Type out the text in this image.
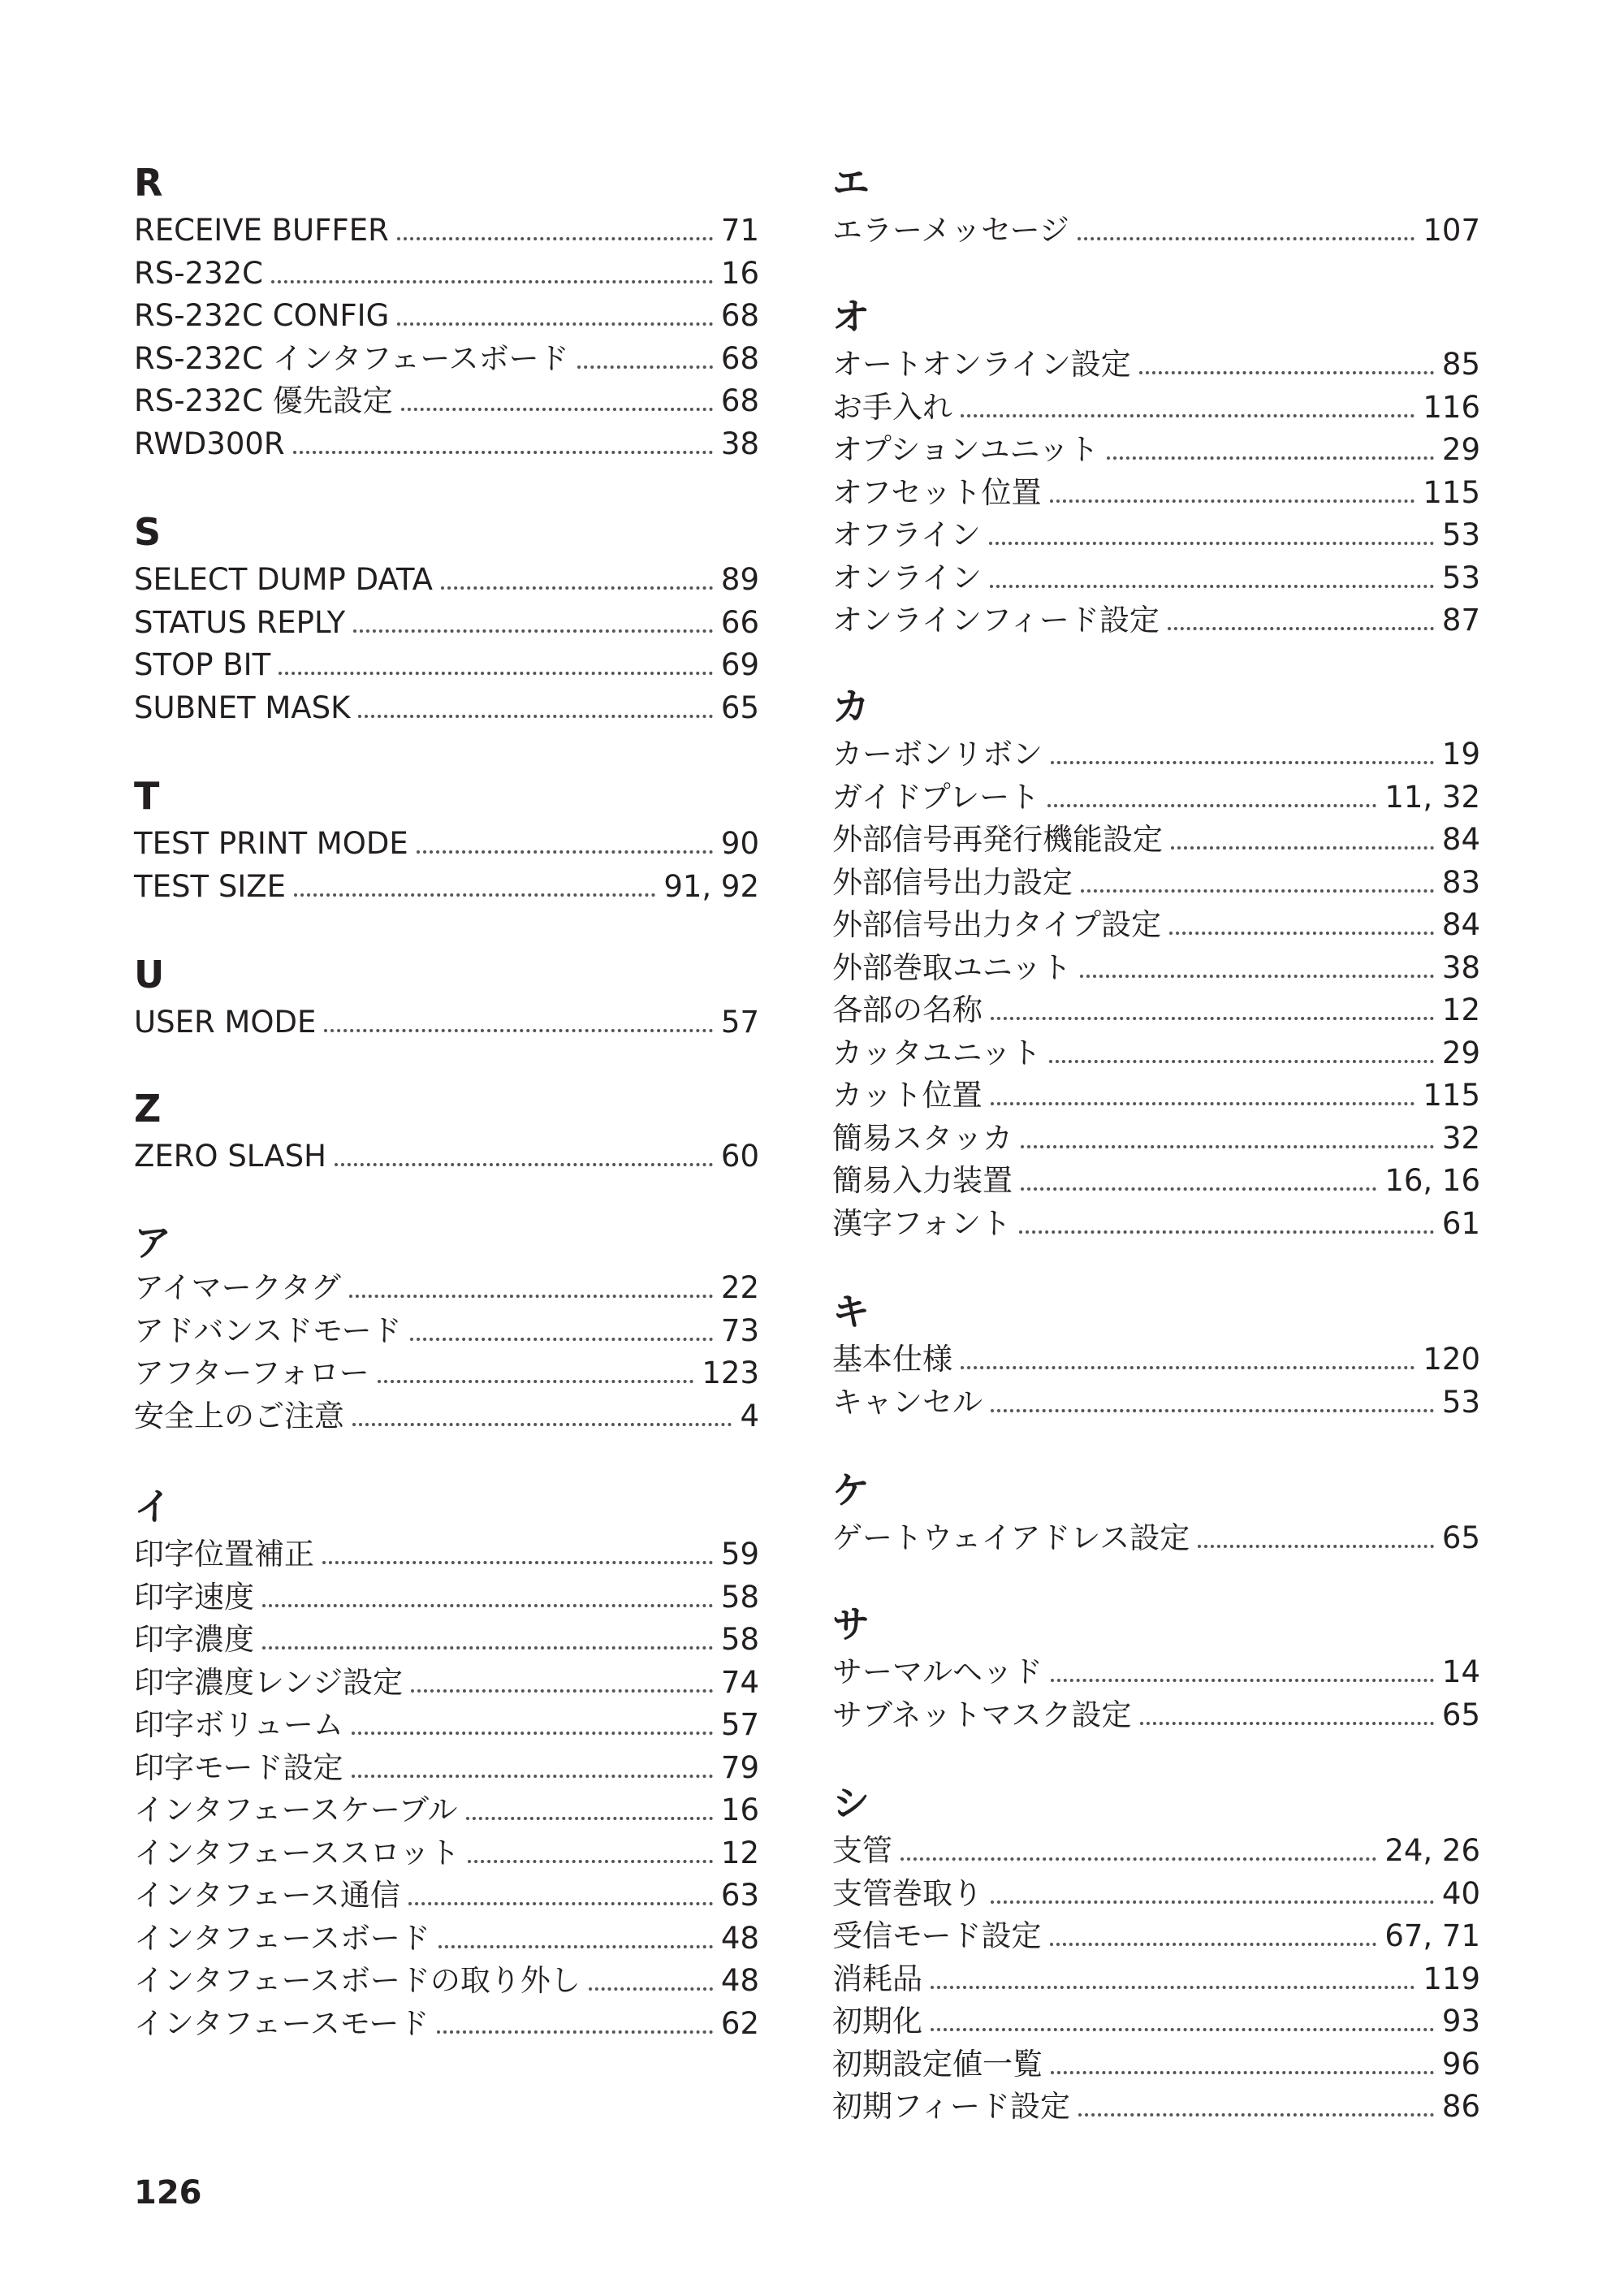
R
RECEIVE BUFFER	71
RS-232C	16
RS-232C CONFIG	68
RS-232C インタフェースボード	68
RS-232C 優先設定	68
RWD300R	38
S
SELECT DUMP DATA	89
STATUS REPLY	66
STOP BIT	69
SUBNET MASK	65
T
TEST PRINT MODE	90
TEST SIZE	91, 92
U
USER MODE	57
Z
ZERO SLASH	60
ア
アイマークタグ	22
アドバンスドモード	73
アフターフォロー	123
安全上のご注意	4
イ
印字位置補正	59
印字速度	58
印字濃度	58
印字濃度レンジ設定	74
印字ボリューム	57
印字モード設定	79
インタフェースケーブル	16
インタフェーススロット	12
インタフェース通信	63
インタフェースボード	48
インタフェースボードの取り外し	48
インタフェースモード	62
エ
エラーメッセージ	107
オ
オートオンライン設定	85
お手入れ	116
オプションユニット	29
オフセット位置	115
オフライン	53
オンライン	53
オンラインフィード設定	87
カ
カーボンリボン	19
ガイドプレート	11, 32
外部信号再発行機能設定	84
外部信号出力設定	83
外部信号出力タイプ設定	84
外部巻取ユニット	38
各部の名称	12
カッタユニット	29
カット位置	115
簡易スタッカ	32
簡易入力装置	16, 16
漢字フォント	61
キ
基本仕様	120
キャンセル	53
ケ
ゲートウェイアドレス設定	65
サ
サーマルヘッド	14
サブネットマスク設定	65
シ
支管	24, 26
支管巻取り	40
受信モード設定	67, 71
消耗品	119
初期化	93
初期設定値一覧	96
初期フィード設定	86
126
